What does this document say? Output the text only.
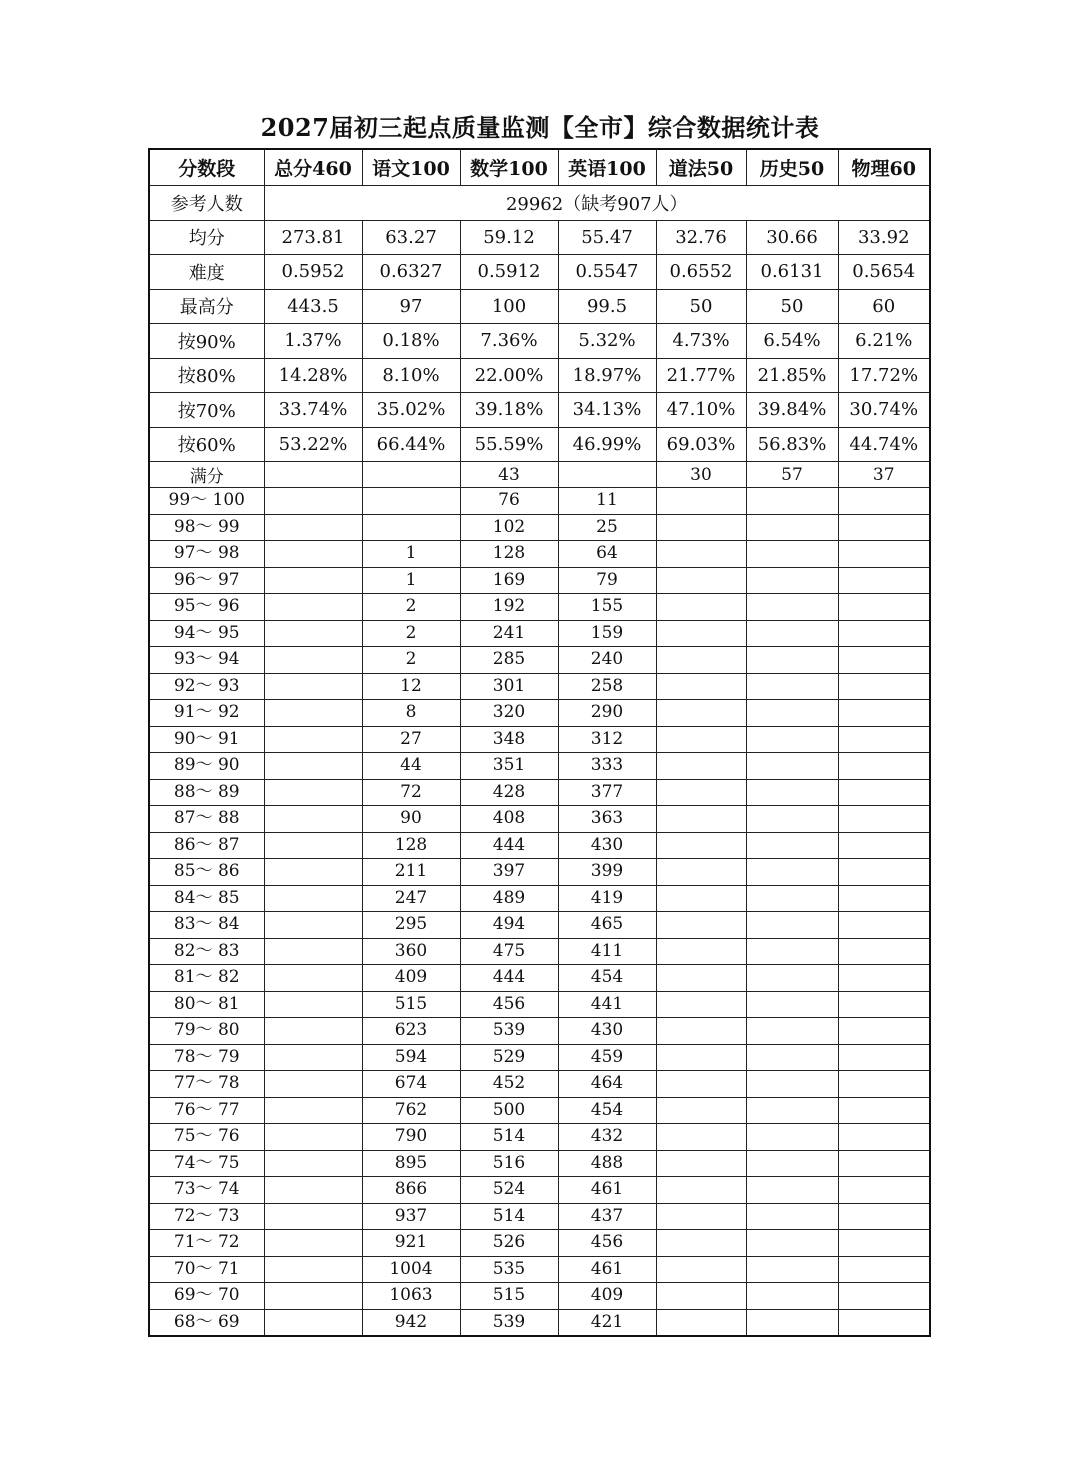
2027届初三起点质量监测【全市】综合数据统计表
分数段	总分460	语文100	数学100	英语100	道法50	历史50	物理60
参考人数	29962（缺考907人）						
均分	273.81	63.27	59.12	55.47	32.76	30.66	33.92
难度	0.5952	0.6327	0.5912	0.5547	0.6552	0.6131	0.5654
最高分	443.5	97	100	99.5	50	50	60
按90%	1.37%	0.18%	7.36%	5.32%	4.73%	6.54%	6.21%
按80%	14.28%	8.10%	22.00%	18.97%	21.77%	21.85%	17.72%
按70%	33.74%	35.02%	39.18%	34.13%	47.10%	39.84%	30.74%
按60%	53.22%	66.44%	55.59%	46.99%	69.03%	56.83%	44.74%
满分			43		30	57	37
99～ 100			76	11			
98～ 99			102	25			
97～ 98		1	128	64			
96～ 97		1	169	79			
95～ 96		2	192	155			
94～ 95		2	241	159			
93～ 94		2	285	240			
92～ 93		12	301	258			
91～ 92		8	320	290			
90～ 91		27	348	312			
89～ 90		44	351	333			
88～ 89		72	428	377			
87～ 88		90	408	363			
86～ 87		128	444	430			
85～ 86		211	397	399			
84～ 85		247	489	419			
83～ 84		295	494	465			
82～ 83		360	475	411			
81～ 82		409	444	454			
80～ 81		515	456	441			
79～ 80		623	539	430			
78～ 79		594	529	459			
77～ 78		674	452	464			
76～ 77		762	500	454			
75～ 76		790	514	432			
74～ 75		895	516	488			
73～ 74		866	524	461			
72～ 73		937	514	437			
71～ 72		921	526	456			
70～ 71		1004	535	461			
69～ 70		1063	515	409			
68～ 69		942	539	421			
